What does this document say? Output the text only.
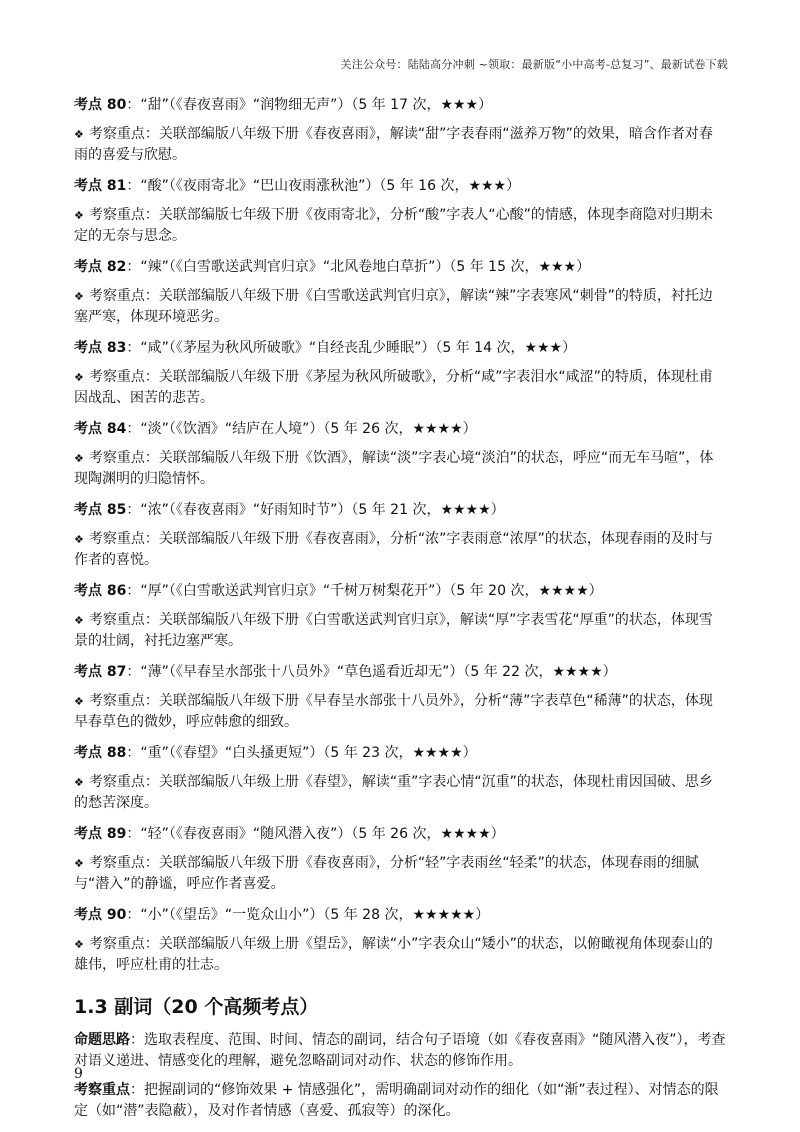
关注公众号：陆陆高分冲刺 ~领取：最新版“小中高考-总复习”、最新试卷下载

考点 80：“甜”（《春夜喜雨》“润物细无声”）（5 年 17 次，★★★）

❖ 考察重点：关联部编版八年级下册《春夜喜雨》，解读“甜”字表春雨“滋养万物”的效果，暗含作者对春雨的喜爱与欣慰。

考点 81：“酸”（《夜雨寄北》“巴山夜雨涨秋池”）（5 年 16 次，★★★）

❖ 考察重点：关联部编版七年级下册《夜雨寄北》，分析“酸”字表人“心酸”的情感，体现李商隐对归期未定的无奈与思念。

考点 82：“辣”（《白雪歌送武判官归京》“北风卷地白草折”）（5 年 15 次，★★★）

❖ 考察重点：关联部编版八年级下册《白雪歌送武判官归京》，解读“辣”字表寒风“刺骨”的特质，衬托边塞严寒，体现环境恶劣。

考点 83：“咸”（《茅屋为秋风所破歌》“自经丧乱少睡眠”）（5 年 14 次，★★★）

❖ 考察重点：关联部编版八年级下册《茅屋为秋风所破歌》，分析“咸”字表泪水“咸涩”的特质，体现杜甫因战乱、困苦的悲苦。

考点 84：“淡”（《饮酒》“结庐在人境”）（5 年 26 次，★★★★）

❖ 考察重点：关联部编版八年级下册《饮酒》，解读“淡”字表心境“淡泊”的状态，呼应“而无车马喧”，体现陶渊明的归隐情怀。

考点 85：“浓”（《春夜喜雨》“好雨知时节”）（5 年 21 次，★★★★）

❖ 考察重点：关联部编版八年级下册《春夜喜雨》，分析“浓”字表雨意“浓厚”的状态，体现春雨的及时与作者的喜悦。

考点 86：“厚”（《白雪歌送武判官归京》“千树万树梨花开”）（5 年 20 次，★★★★）

❖ 考察重点：关联部编版八年级下册《白雪歌送武判官归京》，解读“厚”字表雪花“厚重”的状态，体现雪景的壮阔，衬托边塞严寒。

考点 87：“薄”（《早春呈水部张十八员外》“草色遥看近却无”）（5 年 22 次，★★★★）

❖ 考察重点：关联部编版八年级下册《早春呈水部张十八员外》，分析“薄”字表草色“稀薄”的状态，体现早春草色的微妙，呼应韩愈的细致。

考点 88：“重”（《春望》“白头搔更短”）（5 年 23 次，★★★★）

❖ 考察重点：关联部编版八年级上册《春望》，解读“重”字表心情“沉重”的状态，体现杜甫因国破、思乡的愁苦深度。

考点 89：“轻”（《春夜喜雨》“随风潜入夜”）（5 年 26 次，★★★★）

❖ 考察重点：关联部编版八年级下册《春夜喜雨》，分析“轻”字表雨丝“轻柔”的状态，体现春雨的细腻与“潜入”的静谧，呼应作者喜爱。

考点 90：“小”（《望岳》“一览众山小”）（5 年 28 次，★★★★★）

❖ 考察重点：关联部编版八年级上册《望岳》，解读“小”字表众山“矮小”的状态，以俯瞰视角体现泰山的雄伟，呼应杜甫的壮志。

1.3 副词（20 个高频考点）

命题思路：选取表程度、范围、时间、情态的副词，结合句子语境（如《春夜喜雨》“随风潜入夜”），考查对语义递进、情感变化的理解，避免忽略副词对动作、状态的修饰作用。

考察重点：把握副词的“修饰效果 + 情感强化”，需明确副词对动作的细化（如“渐”表过程）、对情态的限定（如“潜”表隐蔽），及对作者情感（喜爱、孤寂等）的深化。

9
